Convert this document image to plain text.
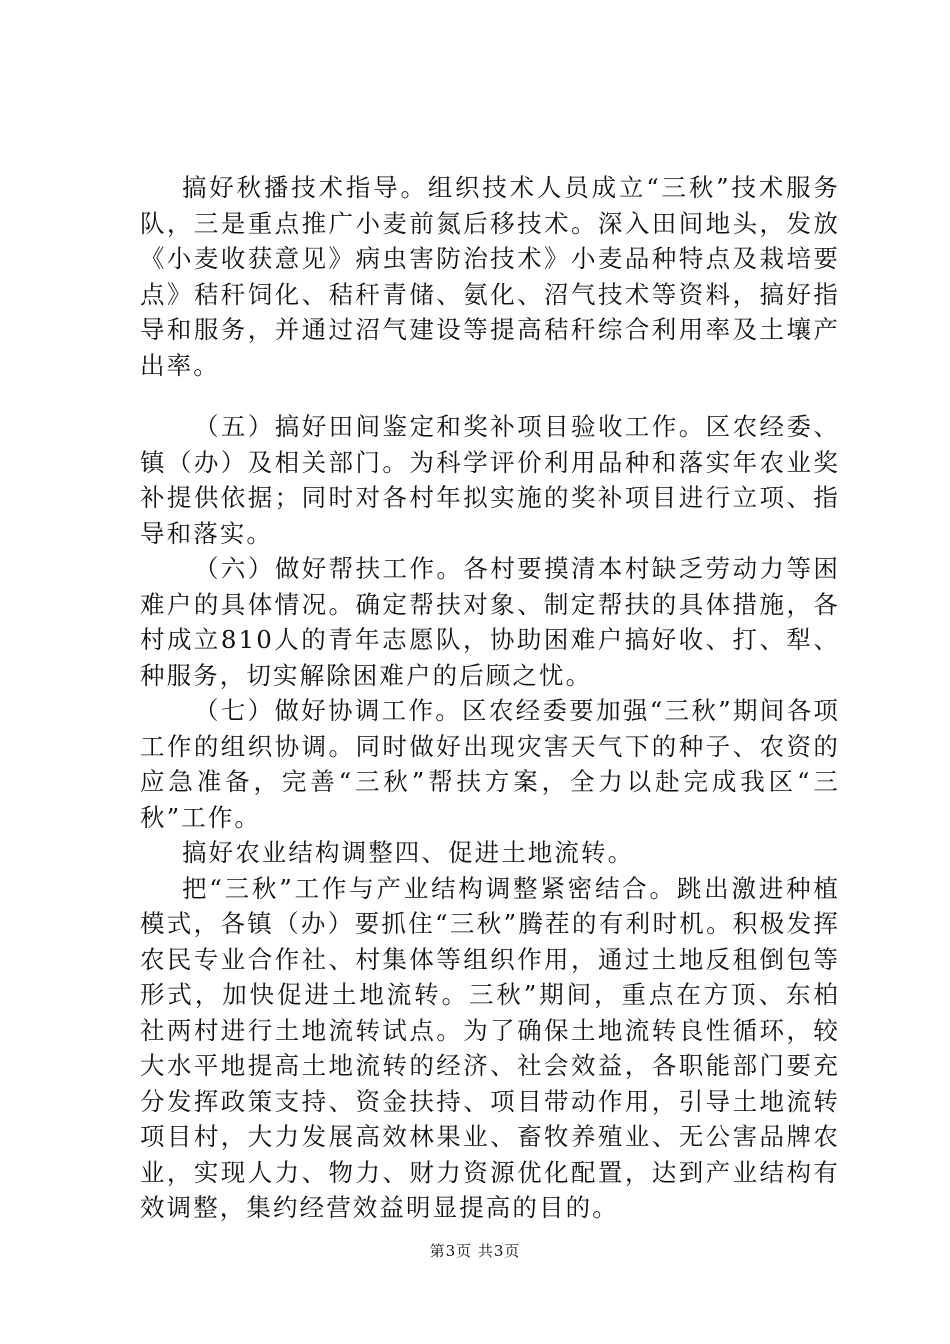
搞好秋播技术指导。组织技术人员成立“三秋”技术服务队，三是重点推广小麦前氮后移技术。深入田间地头，发放《小麦收获意见》病虫害防治技术》小麦品种特点及栽培要点》秸秆饲化、秸秆青储、氨化、沼气技术等资料，搞好指导和服务，并通过沼气建设等提高秸秆综合利用率及土壤产出率。

（五）搞好田间鉴定和奖补项目验收工作。区农经委、镇（办）及相关部门。为科学评价利用品种和落实年农业奖补提供依据；同时对各村年拟实施的奖补项目进行立项、指导和落实。

（六）做好帮扶工作。各村要摸清本村缺乏劳动力等困难户的具体情况。确定帮扶对象、制定帮扶的具体措施，各村成立810人的青年志愿队，协助困难户搞好收、打、犁、种服务，切实解除困难户的后顾之忧。

（七）做好协调工作。区农经委要加强“三秋”期间各项工作的组织协调。同时做好出现灾害天气下的种子、农资的应急准备，完善“三秋”帮扶方案，全力以赴完成我区“三秋”工作。

搞好农业结构调整四、促进土地流转。

把“三秋”工作与产业结构调整紧密结合。跳出激进种植模式，各镇（办）要抓住“三秋”腾茬的有利时机。积极发挥农民专业合作社、村集体等组织作用，通过土地反租倒包等形式，加快促进土地流转。三秋”期间，重点在方顶、东柏社两村进行土地流转试点。为了确保土地流转良性循环，较大水平地提高土地流转的经济、社会效益，各职能部门要充分发挥政策支持、资金扶持、项目带动作用，引导土地流转项目村，大力发展高效林果业、畜牧养殖业、无公害品牌农业，实现人力、物力、财力资源优化配置，达到产业结构有效调整，集约经营效益明显提高的目的。

第3页 共3页
